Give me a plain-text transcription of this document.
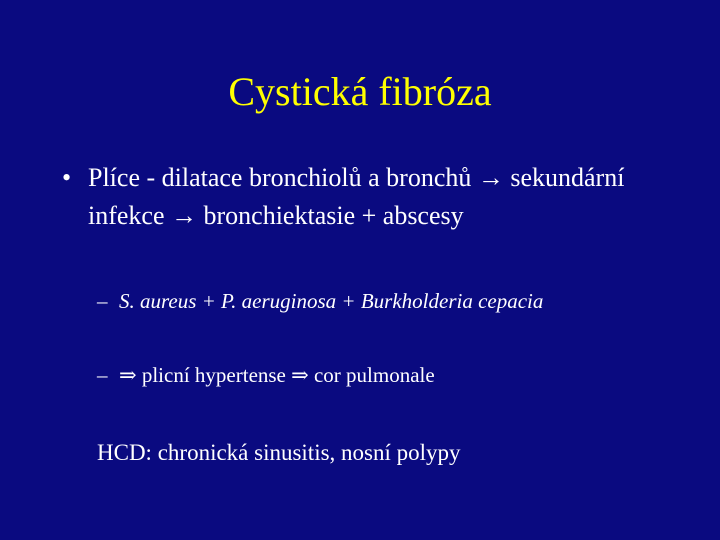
Cystická fibróza
• Plíce - dilatace bronchiolů a bronchů → sekundární infekce → bronchiektasie + abscesy
– S. aureus + P. aeruginosa + Burkholderia cepacia
– ⇒ plicní hypertense ⇒ cor pulmonale
HCD: chronická sinusitis, nosní polypy
